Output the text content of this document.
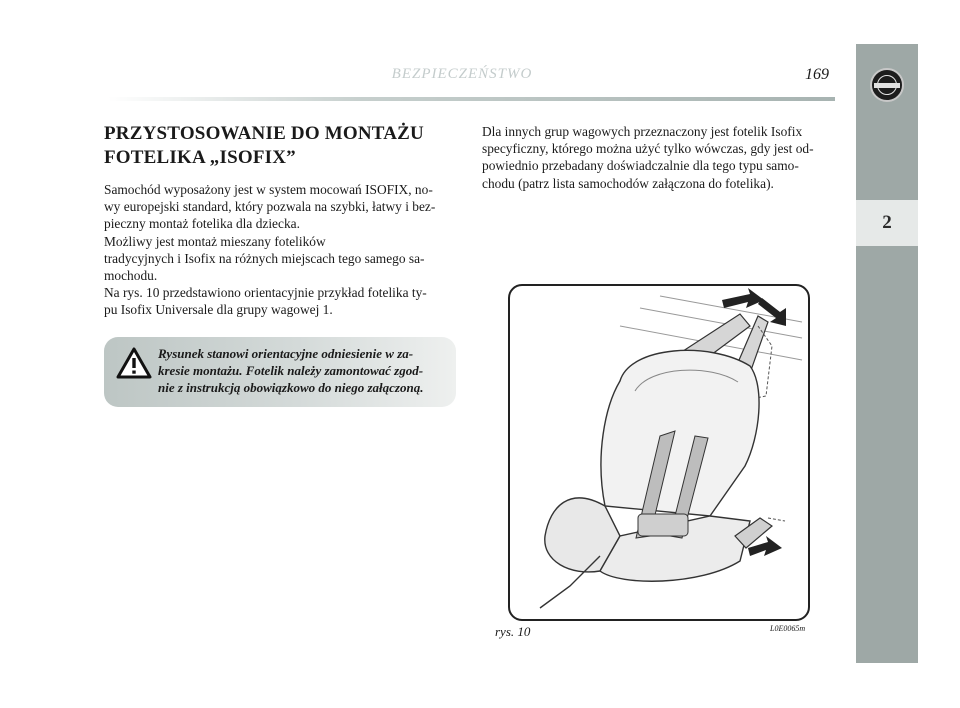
BEZPIECZEŃSTWO	169
2
PRZYSTOSOWANIE DO MONTAŻU
FOTELIKA „ISOFIX”
Samochód wyposażony jest w system mocowań ISOFIX, no-
wy europejski standard, który pozwala na szybki, łatwy i bez-
pieczny montaż fotelika dla dziecka.
Możliwy jest montaż mieszany fotelików
tradycyjnych i Isofix na różnych miejscach tego samego sa-
mochodu.
Na rys. 10 przedstawiono orientacyjnie przykład fotelika ty-
pu Isofix Universale dla grupy wagowej 1.
Rysunek stanowi orientacyjne odniesienie w za-
kresie montażu. Fotelik należy zamontować zgod-
nie z instrukcją obowiązkowo do niego załączoną.
Dla innych grup wagowych przeznaczony jest fotelik Isofix
specyficzny, którego można użyć tylko wówczas, gdy jest od-
powiednio przebadany doświadczalnie dla tego typu samo-
chodu (patrz lista samochodów załączona do fotelika).
rys. 10	L0E0065m
